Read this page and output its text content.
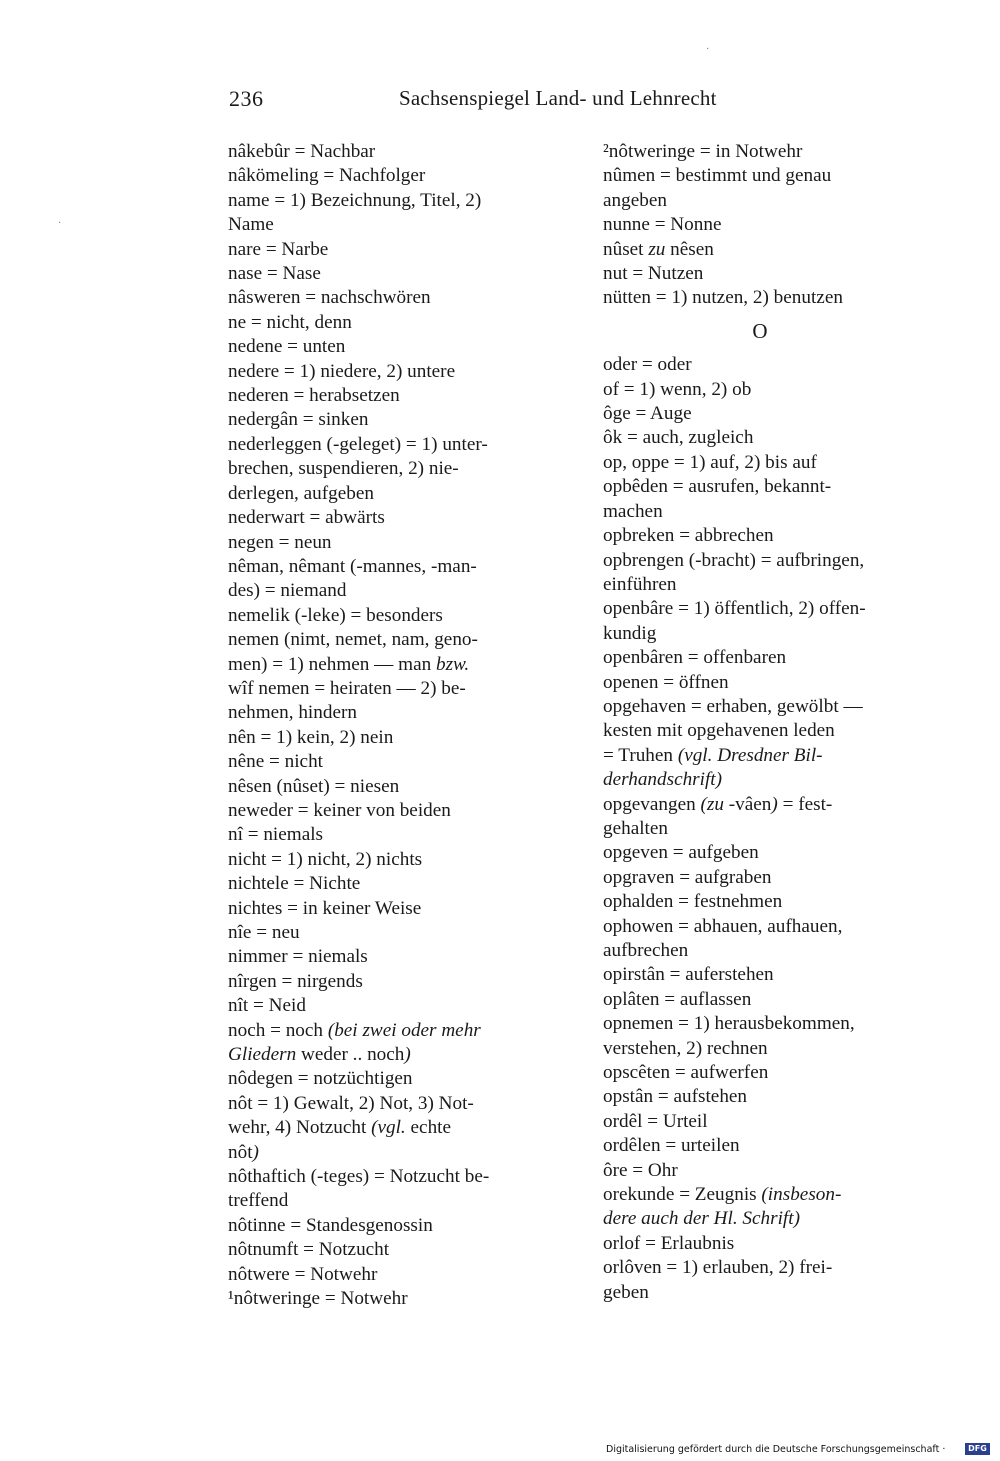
236	Sachsenspiegel Land- und Lehnrecht
nâkebûr = Nachbar
nâkömeling = Nachfolger
name = 1) Bezeichnung, Titel, 2)
Name
nare = Narbe
nase = Nase
nâsweren = nachschwören
ne = nicht, denn
nedene = unten
nedere = 1) niedere, 2) untere
nederen = herabsetzen
nedergân = sinken
nederleggen (-geleget) = 1) unter-
brechen, suspendieren, 2) nie-
derlegen, aufgeben
nederwart = abwärts
negen = neun
nêman, nêmant (-mannes, -man-
des) = niemand
nemelik (-leke) = besonders
nemen (nimt, nemet, nam, geno-
men) = 1) nehmen — man bzw.
wîf nemen = heiraten — 2) be-
nehmen, hindern
nên = 1) kein, 2) nein
nêne = nicht
nêsen (nûset) = niesen
neweder = keiner von beiden
nî = niemals
nicht = 1) nicht, 2) nichts
nichtele = Nichte
nichtes = in keiner Weise
nîe = neu
nimmer = niemals
nîrgen = nirgends
nît = Neid
noch = noch (bei zwei oder mehr
Gliedern weder .. noch)
nôdegen = notzüchtigen
nôt = 1) Gewalt, 2) Not, 3) Not-
wehr, 4) Notzucht (vgl. echte
nôt)
nôthaftich (-teges) = Notzucht be-
treffend
nôtinne = Standesgenossin
nôtnumft = Notzucht
nôtwere = Notwehr
¹nôtweringe = Notwehr
²nôtweringe = in Notwehr
nûmen = bestimmt und genau
angeben
nunne = Nonne
nûset zu nêsen
nut = Nutzen
nütten = 1) nutzen, 2) benutzen
O
oder = oder
of = 1) wenn, 2) ob
ôge = Auge
ôk = auch, zugleich
op, oppe = 1) auf, 2) bis auf
opbêden = ausrufen, bekannt-
machen
opbreken = abbrechen
opbrengen (-bracht) = aufbringen,
einführen
openbâre = 1) öffentlich, 2) offen-
kundig
openbâren = offenbaren
openen = öffnen
opgehaven = erhaben, gewölbt —
kesten mit opgehavenen leden
= Truhen (vgl. Dresdner Bil-
derhandschrift)
opgevangen (zu -vâen) = fest-
gehalten
opgeven = aufgeben
opgraven = aufgraben
ophalden = festnehmen
ophowen = abhauen, aufhauen,
aufbrechen
opirstân = auferstehen
oplâten = auflassen
opnemen = 1) herausbekommen,
verstehen, 2) rechnen
opscêten = aufwerfen
opstân = aufstehen
ordêl = Urteil
ordêlen = urteilen
ôre = Ohr
orekunde = Zeugnis (insbeson-
dere auch der Hl. Schrift)
orlof = Erlaubnis
orlôven = 1) erlauben, 2) frei-
geben
·
·
Digitalisierung gefördert durch die Deutsche Forschungsgemeinschaft ·	DFG
